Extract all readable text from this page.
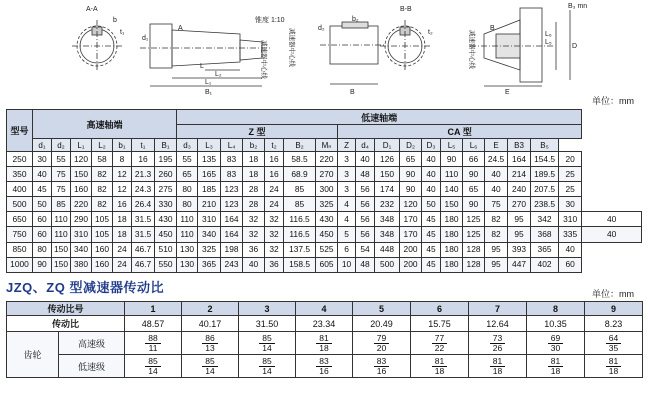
A-A
b
t₁
d₁
L
L₂
L₁
B₁
锥度 1:10
A
B-B
b₂
t₂
d₂
B
B₃ mn
D
L₅
L₆
E
B
减速器中心线	减速器中心线	减速器中心线
单位：mm
型号	高速轴端							低速轴端																		
								Z 型							CA 型											
	d₁	d₂	L₁	L₂	b₁	t₁	B₁	d₃	L₃	L₄	b₂	t₂	B₂	Mₙ	Z	d₄	D₁	D₂	D₃	L₅	L₆	E	B3	B₅		
250	30	55	120	58	8	16	195	55	135	83	18	16	58.5	220	3	40	126	65	40	90	66	24.5	164	154.5	20	
350	40	75	150	82	12	21.3	260	65	165	83	18	16	68.9	270	3	48	150	90	40	110	90	40	214	189.5	25	
400	45	75	160	82	12	24.3	275	80	185	123	28	24	85	300	3	56	174	90	40	140	65	40	240	207.5	25	
500	50	85	220	82	16	26.4	330	80	210	123	28	24	85	325	4	56	232	120	50	150	90	75	270	238.5	30	
650	60	110	290	105	18	31.5	430	110	310	164	32	32	116.5	430	4	56	348	170	45	180	125	82	95	342	310	40
750	60	110	310	105	18	31.5	450	110	340	164	32	32	116.5	450	5	56	348	170	45	180	125	82	95	368	335	40
850	80	150	340	160	24	46.7	510	130	325	198	36	32	137.5	525	6	54	448	200	45	180	128	95	393	365	40	
1000	90	150	380	160	24	46.7	550	130	365	243	40	36	158.5	605	10	48	500	200	45	180	128	95	447	402	60	
JZQ、ZQ 型减速器传动比	单位：mm
传动比号		1	2	3	4	5	6	7	8	9
传动比		48.57	40.17	31.50	23.34	20.49	15.75	12.64	10.35	8.23
齿轮	高速级	$\frac{88}{11}$	$\frac{86}{13}$	$\frac{85}{14}$	$\frac{81}{18}$	$\frac{79}{20}$	$\frac{77}{22}$	$\frac{73}{26}$	$\frac{69}{30}$	$\frac{64}{35}$

	低速级	$\frac{85}{14}$	$\frac{85}{14}$	$\frac{85}{14}$	$\frac{83}{16}$	$\frac{83}{16}$	$\frac{81}{18}$	$\frac{81}{18}$	$\frac{81}{18}$	$\frac{81}{18}$
